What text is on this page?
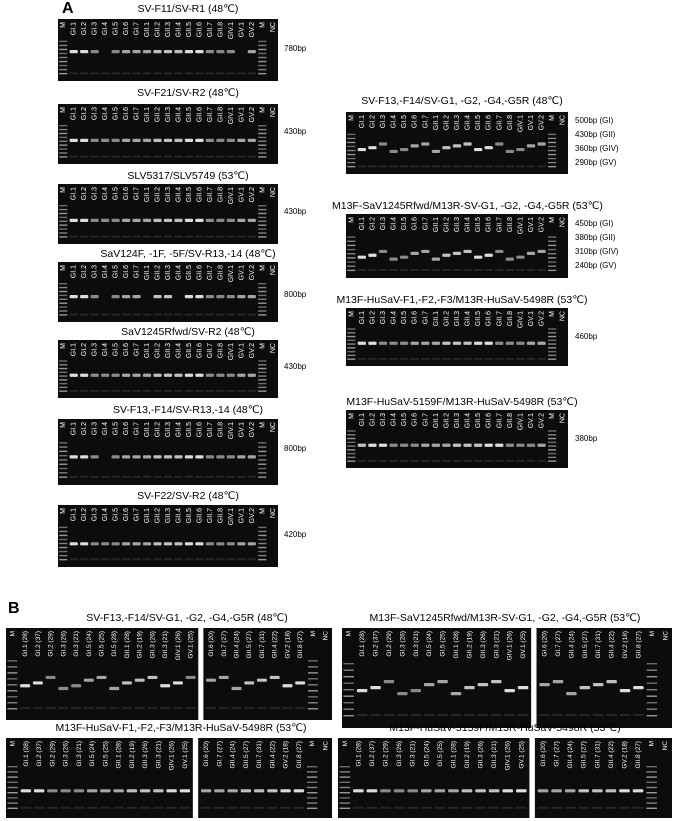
A
B
SV-F11/SV-R1 (48℃)
M GI.1 GI.2 GI.3 GI.4 GI.5 GI.6 GI.7 GII.1 GII.2 GII.3 GII.4 GII.5 GII.6 GII.7 GII.8 GIV.1 GV.1 GV.2 M NC
780bp
SV-F21/SV-R2 (48℃)
M GI.1 GI.2 GI.3 GI.4 GI.5 GI.6 GI.7 GII.1 GII.2 GII.3 GII.4 GII.5 GII.6 GII.7 GII.8 GIV.1 GV.1 GV.2 M NC
430bp
SLV5317/SLV5749 (53℃)
M GI.1 GI.2 GI.3 GI.4 GI.5 GI.6 GI.7 GII.1 GII.2 GII.3 GII.4 GII.5 GII.6 GII.7 GII.8 GIV.1 GV.1 GV.2 M NC
430bp
SaV124F, -1F, -5F/SV-R13,-14 (48℃)
M GI.1 GI.2 GI.3 GI.4 GI.5 GI.6 GI.7 GII.1 GII.2 GII.3 GII.4 GII.5 GII.6 GII.7 GII.8 GIV.1 GV.1 GV.2 M NC
800bp
SaV1245Rfwd/SV-R2 (48℃)
M GI.1 GI.2 GI.3 GI.4 GI.5 GI.6 GI.7 GII.1 GII.2 GII.3 GII.4 GII.5 GII.6 GII.7 GII.8 GIV.1 GV.1 GV.2 M NC
430bp
SV-F13,-F14/SV-R13,-14 (48℃)
M GI.1 GI.2 GI.3 GI.4 GI.5 GI.6 GI.7 GII.1 GII.2 GII.3 GII.4 GII.5 GII.6 GII.7 GII.8 GIV.1 GV.1 GV.2 M NC
800bp
SV-F22/SV-R2 (48℃)
M GI.1 GI.2 GI.3 GI.4 GI.5 GI.6 GI.7 GII.1 GII.2 GII.3 GII.4 GII.5 GII.6 GII.7 GII.8 GIV.1 GV.1 GV.2 M NC
420bp
SV-F13,-F14/SV-G1, -G2, -G4,-G5R (48℃)
M GI.1 GI.2 GI.3 GI.4 GI.5 GI.6 GI.7 GII.1 GII.2 GII.3 GII.4 GII.5 GII.6 GII.7 GII.8 GIV.1 GV.1 GV.2 M NC 500bp (GI)
430bp (GII)
360bp (GIV)
290bp (GV)
M13F-SaV1245Rfwd/M13R-SV-G1, -G2, -G4,-G5R (53℃)
M GI.1 GI.2 GI.3 GI.4 GI.5 GI.6 GI.7 GII.1 GII.2 GII.3 GII.4 GII.5 GII.6 GII.7 GII.8 GIV.1 GV.1 GV.2 M NC 450bp (GI)
380bp (GII)
310bp (GIV)
240bp (GV)
M13F-HuSaV-F1,-F2,-F3/M13R-HuSaV-5498R (53℃)
M GI.1 GI.2 GI.3 GI.4 GI.5 GI.6 GI.7 GII.1 GII.2 GII.3 GII.4 GII.5 GII.6 GII.7 GII.8 GIV.1 GV.1 GV.2 M NC
460bp
M13F-HuSaV-5159F/M13R-HuSaV-5498R (53℃)
M GI.1 GI.2 GI.3 GI.4 GI.5 GI.6 GI.7 GII.1 GII.2 GII.3 GII.4 GII.5 GII.6 GII.7 GII.8 GIV.1 GV.1 GV.2 M NC
380bp
SV-F13,-F14/SV-G1, -G2, -G4,-G5R (48℃)
M GI.1 (28) GI.2 (37) GI.2 (29) GI.3 (26) GI.3 (21) GI.5 (24) GI.5 (25) GI.5 (28) GII.1 (28) GII.2 (19) GII.3 (26) GII.3 (21) GIV.1 (26) GV.1 (25) GI.6 (20) GI.7 (27) GII.4 (24) GII.5 (27) GII.7 (31) GII.4 (22) GV.2 (18) GII.8 (27) M NC
M13F-SaV1245Rfwd/M13R-SV-G1, -G2, -G4,-G5R (53℃)
M GI.1 (28) GI.2 (37) GI.2 (29) GI.3 (26) GI.3 (21) GI.5 (24) GI.5 (25) GII.1 (28) GII.2 (19) GII.3 (26) GII.3 (21) GIV.1 (26) GV.1 (25) GI.6 (20) GI.7 (27) GII.4 (24) GII.5 (27) GII.7 (31) GII.4 (22) GV.2 (18) GII.8 (27) M NC
M13F-HuSaV-F1,-F2,-F3/M13R-HuSaV-5498R (53℃)
M GI.1 (28) GI.2 (37) GI.2 (29) GI.3 (26) GI.3 (21) GI.5 (24) GI.5 (25) GII.1 (28) GII.2 (19) GII.3 (26) GII.3 (21) GIV.1 (26) GV.1 (25) GI.6 (20) GI.7 (27) GII.4 (24) GII.5 (27) GII.7 (31) GII.4 (22) GV.2 (18) GII.8 (27) M NC
M13F-HuSaV-5159F/M13R-HuSaV-5498R (53℃)
M GI.1 (28) GI.2 (37) GI.2 (29) GI.3 (26) GI.3 (21) GI.5 (24) GI.5 (25) GII.1 (28) GII.2 (19) GII.3 (26) GII.3 (21) GIV.1 (26) GV.1 (25) GI.6 (20) GI.7 (27) GII.4 (24) GII.5 (27) GII.7 (31) GII.4 (22) GV.2 (18) GII.8 (27) M NC
